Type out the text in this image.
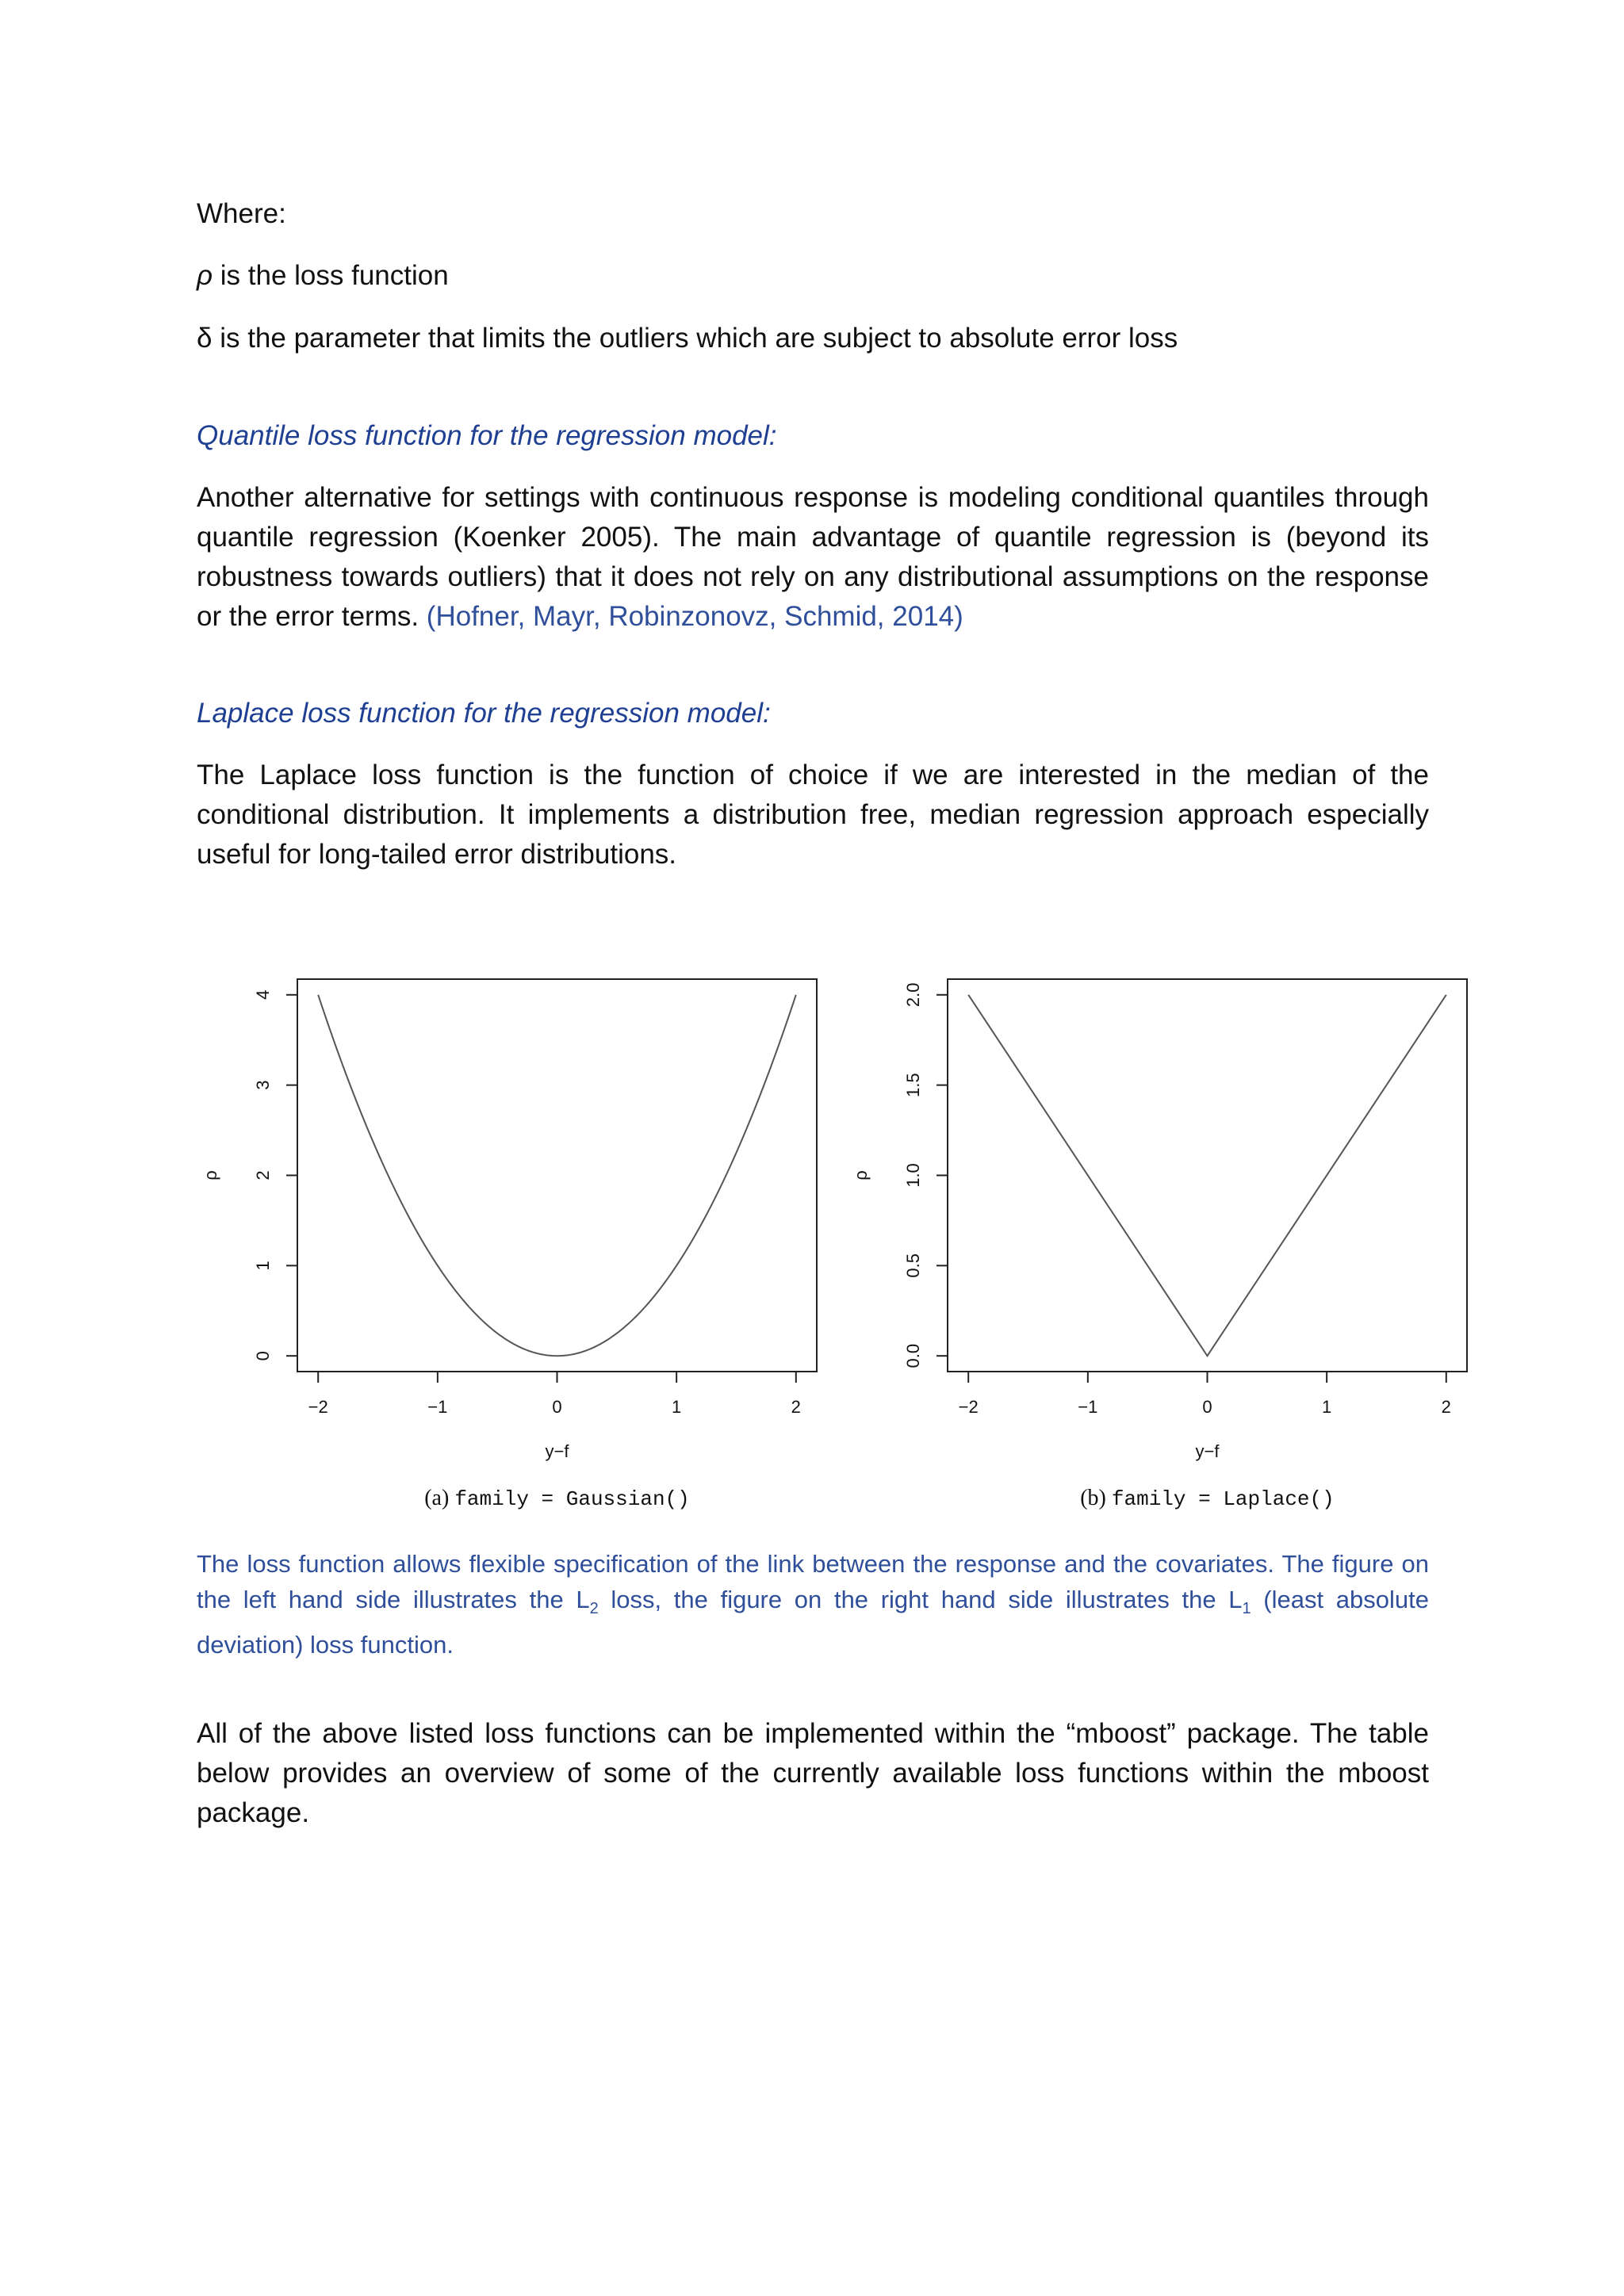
Where:

ρ is the loss function

δ is the parameter that limits the outliers which are subject to absolute error loss

Quantile loss function for the regression model:

Another alternative for settings with continuous response is modeling conditional quantiles through quantile regression (Koenker 2005). The main advantage of quantile regression is (beyond its robustness towards outliers) that it does not rely on any distributional assumptions on the response or the error terms. (Hofner, Mayr, Robinzonovz, Schmid, 2014)

Laplace loss function for the regression model:

The Laplace loss function is the function of choice if we are interested in the median of the conditional distribution. It implements a distribution free, median regression approach especially useful for long-tailed error distributions.

−2	−1	0	1	2
0
1
2
3
4
y−f
ρ
(a) family = Gaussian()
−2	−1	0	1	2
0.0
0.5
1.0
1.5
2.0
y−f
ρ
(b) family = Laplace()

The loss function allows flexible specification of the link between the response and the covariates. The figure on the left hand side illustrates the $L_2$ loss, the figure on the right hand side illustrates the $L_1$ (least absolute deviation) loss function.

All of the above listed loss functions can be implemented within the “mboost” package. The table below provides an overview of some of the currently available loss functions within the mboost package.
